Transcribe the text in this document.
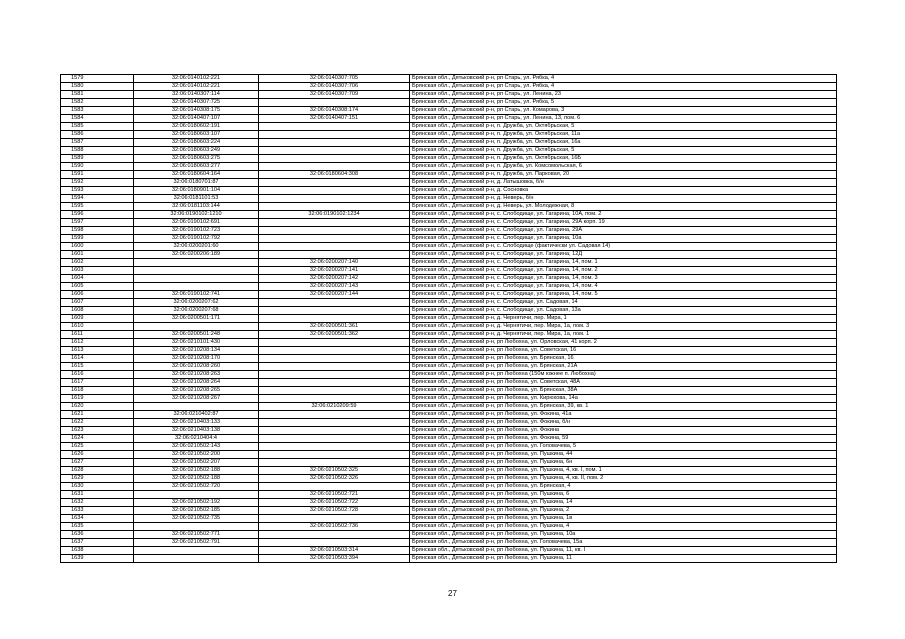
1579	32:06:0140102:221	32:06:0140307:705	Брянская обл., Дятьковский р-н, рп Старь, ул. Рябка, 4
1580	32:06:0140102:221	32:06:0140307:706	Брянская обл., Дятьковский р-н, рп Старь, ул. Рябка, 4
1581	32:06:0140307:114	32:06:0140307:709	Брянская обл., Дятьковский р-н, рп Старь, ул. Ленина, 23
1582	32:06:0140307:725		Брянская обл., Дятьковский р-н, рп Старь, ул. Рябка, 5
1583	32:06:0140308:175	32:06:0140308:174	Брянская обл., Дятьковский р-н, рп Старь, ул. Комарова, 3
1584	32:06:0140407:107	32:06:0140407:151	Брянская обл., Дятьковский р-н, рп Старь, ул. Ленина, 13, пом. 6
1585	32:06:0180602:191		Брянская обл., Дятьковский р-н, п. Дружба, ул. Октябрьская, 5
1586	32:06:0180603:107		Брянская обл., Дятьковский р-н, п. Дружба, ул. Октябрьская, 11а
1587	32:06:0180603:224		Брянская обл., Дятьковский р-н, п. Дружба, ул. Октябрьская, 16а
1588	32:06:0180603:249		Брянская обл., Дятьковский р-н, п. Дружба, ул. Октябрьская, 5
1589	32:06:0180603:275		Брянская обл., Дятьковский р-н, п. Дружба, ул. Октябрьская, 16Б
1590	32:06:0180603:277		Брянская обл., Дятьковский р-н, п. Дружба, ул. Комсомольская, 6
1591	32:06:0180604:164	32:06:0180604:308	Брянская обл., Дятьковский р-н, п. Дружба, ул. Парковая, 20
1592	32:06:0180701:87		Брянская обл., Дятьковский р-н, д. Латышовка, б/н
1593	32:06:0180901:104		Брянская обл., Дятьковский р-н, д. Сосновка
1594	32:06:0181101:53		Брянская обл., Дятьковский р-н, д. Неверь, б/н
1595	32:06:0181103:144		Брянская обл., Дятьковский р-н, д. Неверь, ул. Молодежная, 8
1596	32:06:0190102:1210	32:06:0190102:1234	Брянская обл., Дятьковский р-н, с. Слободище, ул. Гагарина, 10А, пом. 2
1597	32:06:0190102:691		Брянская обл., Дятьковский р-н, с. Слободище, ул. Гагарина, 29А корп. 19
1598	32:06:0190102:723		Брянская обл., Дятьковский р-н, с. Слободище, ул. Гагарина, 29А
1599	32:06:0190102:792		Брянская обл., Дятьковский р-н, с. Слободище, ул. Гагарина, 10а
1600	32:06:0200201:60		Брянская обл., Дятьковский р-н, с. Слободище (фактически ул. Садовая 14)
1601	32:06:0200206:189		Брянская обл., Дятьковский р-н, с. Слободище, ул. Гагарина, 12Д
1602		32:06:0200207:140	Брянская обл., Дятьковский р-н, с. Слободище, ул. Гагарина, 14, пом. 1
1603		32:06:0200207:141	Брянская обл., Дятьковский р-н, с. Слободище, ул. Гагарина, 14, пом. 2
1604		32:06:0200207:142	Брянская обл., Дятьковский р-н, с. Слободище, ул. Гагарина, 14, пом. 3
1605		32:06:0200207:143	Брянская обл., Дятьковский р-н, с. Слободище, ул. Гагарина, 14, пом. 4
1606	32:06:0190102:741	32:06:0200207:144	Брянская обл., Дятьковский р-н, с. Слободище, ул. Гагарина, 14, пом. 5
1607	32:06:0200207:62		Брянская обл., Дятьковский р-н, с. Слободище, ул. Садовая, 14
1608	32:06:0200207:68		Брянская обл., Дятьковский р-н, с. Слободище, ул. Садовая, 13а
1609	32:06:0200501:171		Брянская обл., Дятьковский р-н, д. Чернятичи, пер. Мира, 1
1610		32:06:0200501:361	Брянская обл., Дятьковский р-н, д. Чернятичи, пер. Мира, 1а, пом. 3
1611	32:06:0200501:248	32:06:0200501:362	Брянская обл., Дятьковский р-н, д. Чернятичи, пер. Мира, 1а, пом. 1
1612	32:06:0210101:430		Брянская обл., Дятьковский р-н, рп Любохна, ул. Орловская, 41 корп. 2
1613	32:06:0210208:134		Брянская обл., Дятьковский р-н, рп Любохна, ул. Советская, 16
1614	32:06:0210208:170		Брянская обл., Дятьковский р-н, рп Любохна, ул. Брянская, 16
1615	32:06:0210208:260		Брянская обл., Дятьковский р-н, рп Любохна, ул. Брянская, 21А
1616	32:06:0210208:263		Брянская обл., Дятьковский р-н, рп Любохна (150м южнее п. Любохна)
1617	32:06:0210208:264		Брянская обл., Дятьковский р-н, рп Любохна, ул. Советская, 48А
1618	32:06:0210208:265		Брянская обл., Дятьковский р-н, рп Любохна, ул. Брянская, 38А
1619	32:06:0210208:267		Брянская обл., Дятьковский р-н, рп Любохна, ул. Кирюхова, 14а
1620		32:06:0210209:59	Брянская обл., Дятьковский р-н, рп Любохна, ул. Брянская, 39, кв. 1
1621	32:06:0210402:87		Брянская обл., Дятьковский р-н, рп Любохна, ул. Фокина, 41а
1622	32:06:0210403:133		Брянская обл., Дятьковский р-н, рп Любохна, ул. Фокина, б/н
1623	32:06:0210403:138		Брянская обл., Дятьковский р-н, рп Любохна, ул. Фокина
1624	32:06:0210404:4		Брянская обл., Дятьковский р-н, рп Любохна, ул. Фокина, 59
1625	32:06:0210502:143		Брянская обл., Дятьковский р-н, рп Любохна, ул. Головачева, 5
1626	32:06:0210502:200		Брянская обл., Дятьковский р-н, рп Любохна, ул. Пушкина, 44
1627	32:06:0210502:207		Брянская обл., Дятьковский р-н, рп Любохна, ул. Пушкина, 6н
1628	32:06:0210502:188	32:06:0210502:325	Брянская обл., Дятьковский р-н, рп Любохна, ул. Пушкина, 4, кв. I, пом. 1
1629	32:06:0210502:188	32:06:0210502:326	Брянская обл., Дятьковский р-н, рп Любохна, ул. Пушкина, 4, кв. II, пом. 2
1630	32:06:0210502:720		Брянская обл., Дятьковский р-н, рп Любохна, ул. Брянская, 4
1631		32:06:0210502:721	Брянская обл., Дятьковский р-н, рп Любохна, ул. Пушкина, 6
1632	32:06:0210502:192	32:06:0210502:722	Брянская обл., Дятьковский р-н, рп Любохна, ул. Пушкина, 14
1633	32:06:0210502:185	32:06:0210502:728	Брянская обл., Дятьковский р-н, рп Любохна, ул. Пушкина, 2
1634	32:06:0210502:735		Брянская обл., Дятьковский р-н, рп Любохна, ул. Пушкина, 1в
1635		32:06:0210502:736	Брянская обл., Дятьковский р-н, рп Любохна, ул. Пушкина, 4
1636	32:06:0210502:771		Брянская обл., Дятьковский р-н, рп Любохна, ул. Пушкина, 10а
1637	32:06:0210502:791		Брянская обл., Дятьковский р-н, рп Любохна, ул. Головачева, 15а
1638		32:06:0210503:314	Брянская обл., Дятьковский р-н, рп Любохна, ул. Пушкина, 11, кв. I
1639		32:06:0210503:394	Брянская обл., Дятьковский р-н, рп Любохна, ул. Пушкина, 11
27
